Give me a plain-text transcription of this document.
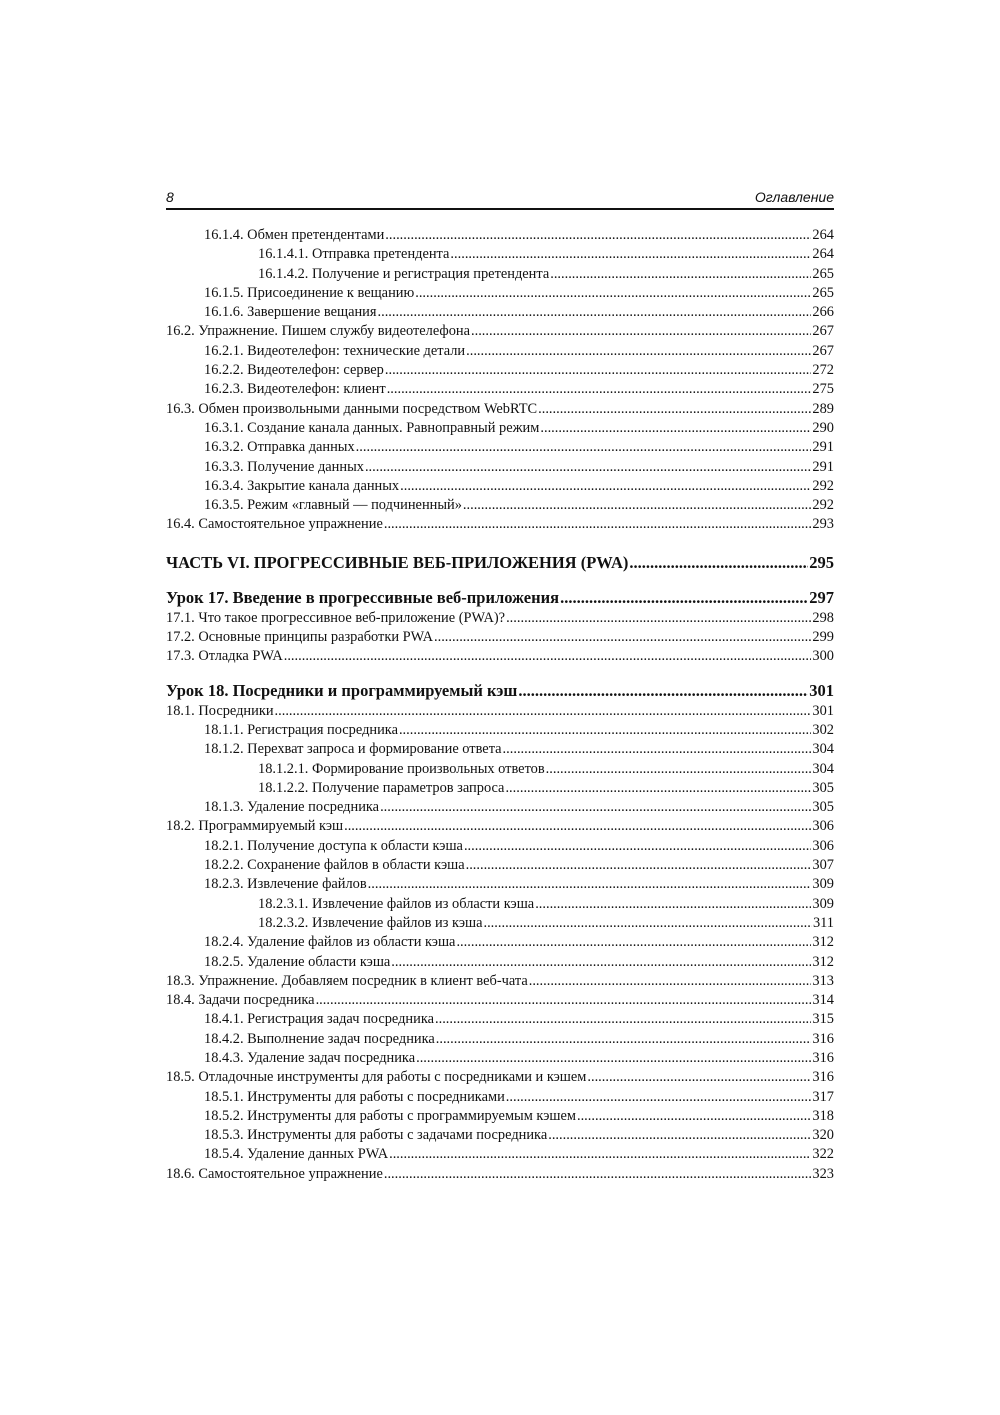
8	Оглавление
16.1.4. Обмен претендентами .....	264
16.1.4.1. Отправка претендента .....	264
16.1.4.2. Получение и регистрация претендента .....	265
16.1.5. Присоединение к вещанию .....	265
16.1.6. Завершение вещания .....	266
16.2. Упражнение. Пишем службу видеотелефона .....	267
16.2.1. Видеотелефон: технические детали .....	267
16.2.2. Видеотелефон: сервер .....	272
16.2.3. Видеотелефон: клиент .....	275
16.3. Обмен произвольными данными посредством WebRTC .....	289
16.3.1. Создание канала данных. Равноправный режим .....	290
16.3.2. Отправка данных .....	291
16.3.3. Получение данных .....	291
16.3.4. Закрытие канала данных .....	292
16.3.5. Режим «главный — подчиненный» .....	292
16.4. Самостоятельное упражнение .....	293
ЧАСТЬ VI. ПРОГРЕССИВНЫЕ ВЕБ-ПРИЛОЖЕНИЯ (PWA) .....	295
Урок 17. Введение в прогрессивные веб-приложения .....	297
17.1. Что такое прогрессивное веб-приложение (PWA)? .....	298
17.2. Основные принципы разработки PWA .....	299
17.3. Отладка PWA .....	300
Урок 18. Посредники и программируемый кэш .....	301
18.1. Посредники .....	301
18.1.1. Регистрация посредника .....	302
18.1.2. Перехват запроса и формирование ответа .....	304
18.1.2.1. Формирование произвольных ответов .....	304
18.1.2.2. Получение параметров запроса .....	305
18.1.3. Удаление посредника .....	305
18.2. Программируемый кэш .....	306
18.2.1. Получение доступа к области кэша .....	306
18.2.2. Сохранение файлов в области кэша .....	307
18.2.3. Извлечение файлов .....	309
18.2.3.1. Извлечение файлов из области кэша .....	309
18.2.3.2. Извлечение файлов из кэша .....	311
18.2.4. Удаление файлов из области кэша .....	312
18.2.5. Удаление области кэша .....	312
18.3. Упражнение. Добавляем посредник в клиент веб-чата .....	313
18.4. Задачи посредника .....	314
18.4.1. Регистрация задач посредника .....	315
18.4.2. Выполнение задач посредника .....	316
18.4.3. Удаление задач посредника .....	316
18.5. Отладочные инструменты для работы с посредниками и кэшем .....	316
18.5.1. Инструменты для работы с посредниками .....	317
18.5.2. Инструменты для работы с программируемым кэшем .....	318
18.5.3. Инструменты для работы с задачами посредника .....	320
18.5.4. Удаление данных PWA .....	322
18.6. Самостоятельное упражнение .....	323
